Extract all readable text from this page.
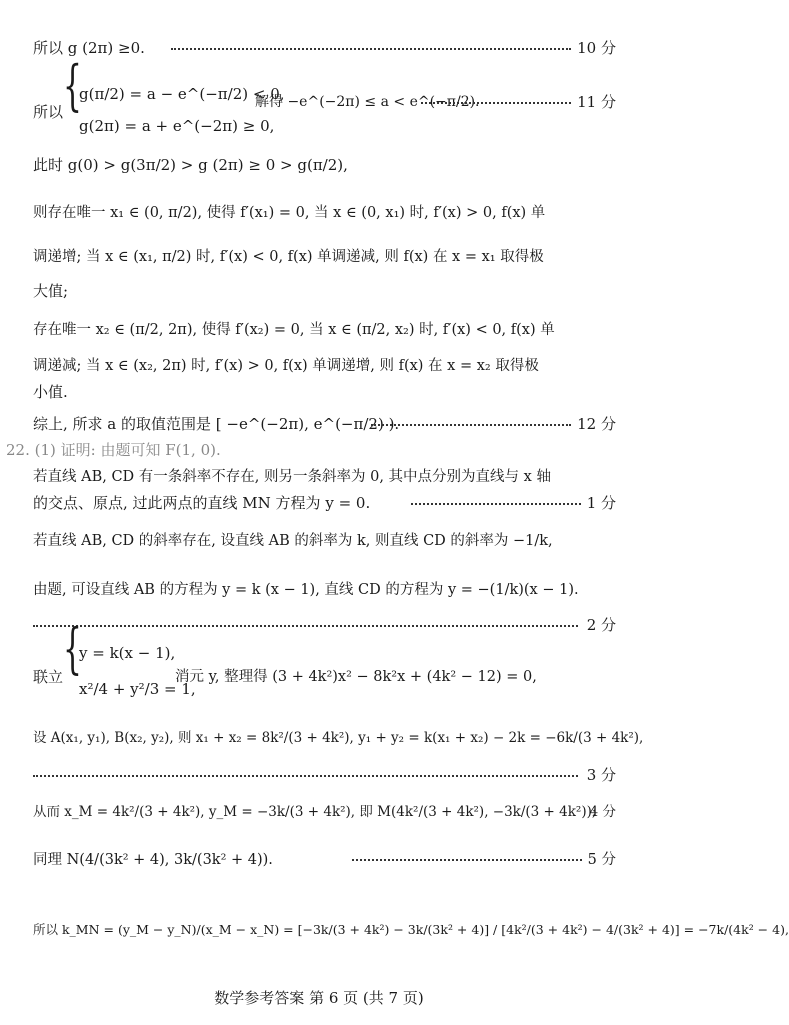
所以 g (2π) ≥0.	10 分
所以 {
g(π/2) = a − e^(−π/2) < 0,
g(2π) = a + e^(−2π) ≥ 0,
解得 −e^(−2π) ≤ a < e^(−π/2).	11 分
此时 g(0) > g(3π/2) > g (2π) ≥ 0 > g(π/2),
则存在唯一 x₁ ∈ (0, π/2), 使得 f′(x₁) = 0, 当 x ∈ (0, x₁) 时, f′(x) > 0, f(x) 单
调递增; 当 x ∈ (x₁, π/2) 时, f′(x) < 0, f(x) 单调递减, 则 f(x) 在 x = x₁ 取得极
大值;
存在唯一 x₂ ∈ (π/2, 2π), 使得 f′(x₂) = 0, 当 x ∈ (π/2, x₂) 时, f′(x) < 0, f(x) 单
调递减; 当 x ∈ (x₂, 2π) 时, f′(x) > 0, f(x) 单调递增, 则 f(x) 在 x = x₂ 取得极
小值.
综上, 所求 a 的取值范围是 [ −e^(−2π), e^(−π/2) ).	12 分
22. (1) 证明: 由题可知 F(1, 0).
若直线 AB, CD 有一条斜率不存在, 则另一条斜率为 0, 其中点分别为直线与 x 轴
的交点、原点, 过此两点的直线 MN 方程为 y = 0.	1 分
若直线 AB, CD 的斜率存在, 设直线 AB 的斜率为 k, 则直线 CD 的斜率为 −1/k,
由题, 可设直线 AB 的方程为 y = k (x − 1), 直线 CD 的方程为 y = −(1/k)(x − 1).
2 分
联立 {
y = k(x − 1),
x²/4 + y²/3 = 1,
消元 y, 整理得 (3 + 4k²)x² − 8k²x + (4k² − 12) = 0,
设 A(x₁, y₁), B(x₂, y₂), 则 x₁ + x₂ = 8k²/(3 + 4k²), y₁ + y₂ = k(x₁ + x₂) − 2k = −6k/(3 + 4k²),
3 分
从而 x_M = 4k²/(3 + 4k²), y_M = −3k/(3 + 4k²), 即 M(4k²/(3 + 4k²), −3k/(3 + 4k²));
4 分
同理 N(4/(3k² + 4), 3k/(3k² + 4)).	5 分
所以 k_MN = (y_M − y_N)/(x_M − x_N) = [−3k/(3 + 4k²) − 3k/(3k² + 4)] / [4k²/(3 + 4k²) − 4/(3k² + 4)] = −7k/(4k² − 4),
数学参考答案 第 6 页 (共 7 页)
